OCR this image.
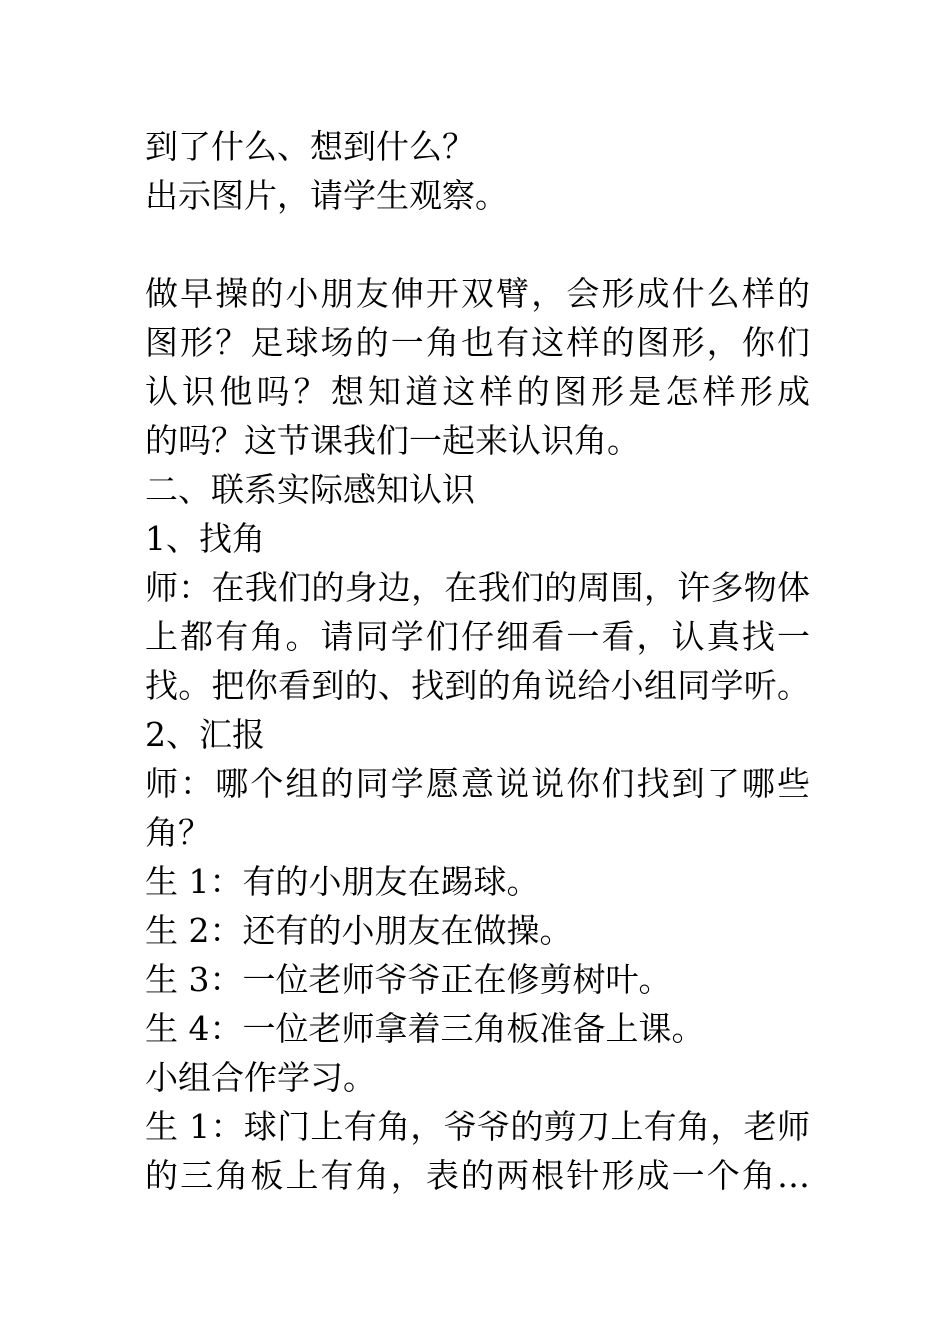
到了什么、想到什么？
出示图片，请学生观察。
做早操的小朋友伸开双臂，会形成什么样的
图形？足球场的一角也有这样的图形，你们
认识他吗？想知道这样的图形是怎样形成
的吗？这节课我们一起来认识角。
二、联系实际感知认识
1、找角
师：在我们的身边，在我们的周围，许多物体
上都有角。请同学们仔细看一看，认真找一
找。把你看到的、找到的角说给小组同学听。
2、汇报
师：哪个组的同学愿意说说你们找到了哪些
角？
生 1：有的小朋友在踢球。
生 2：还有的小朋友在做操。
生 3：一位老师爷爷正在修剪树叶。
生 4：一位老师拿着三角板准备上课。
小组合作学习。
生 1：球门上有角，爷爷的剪刀上有角，老师
的三角板上有角，表的两根针形成一个角…
